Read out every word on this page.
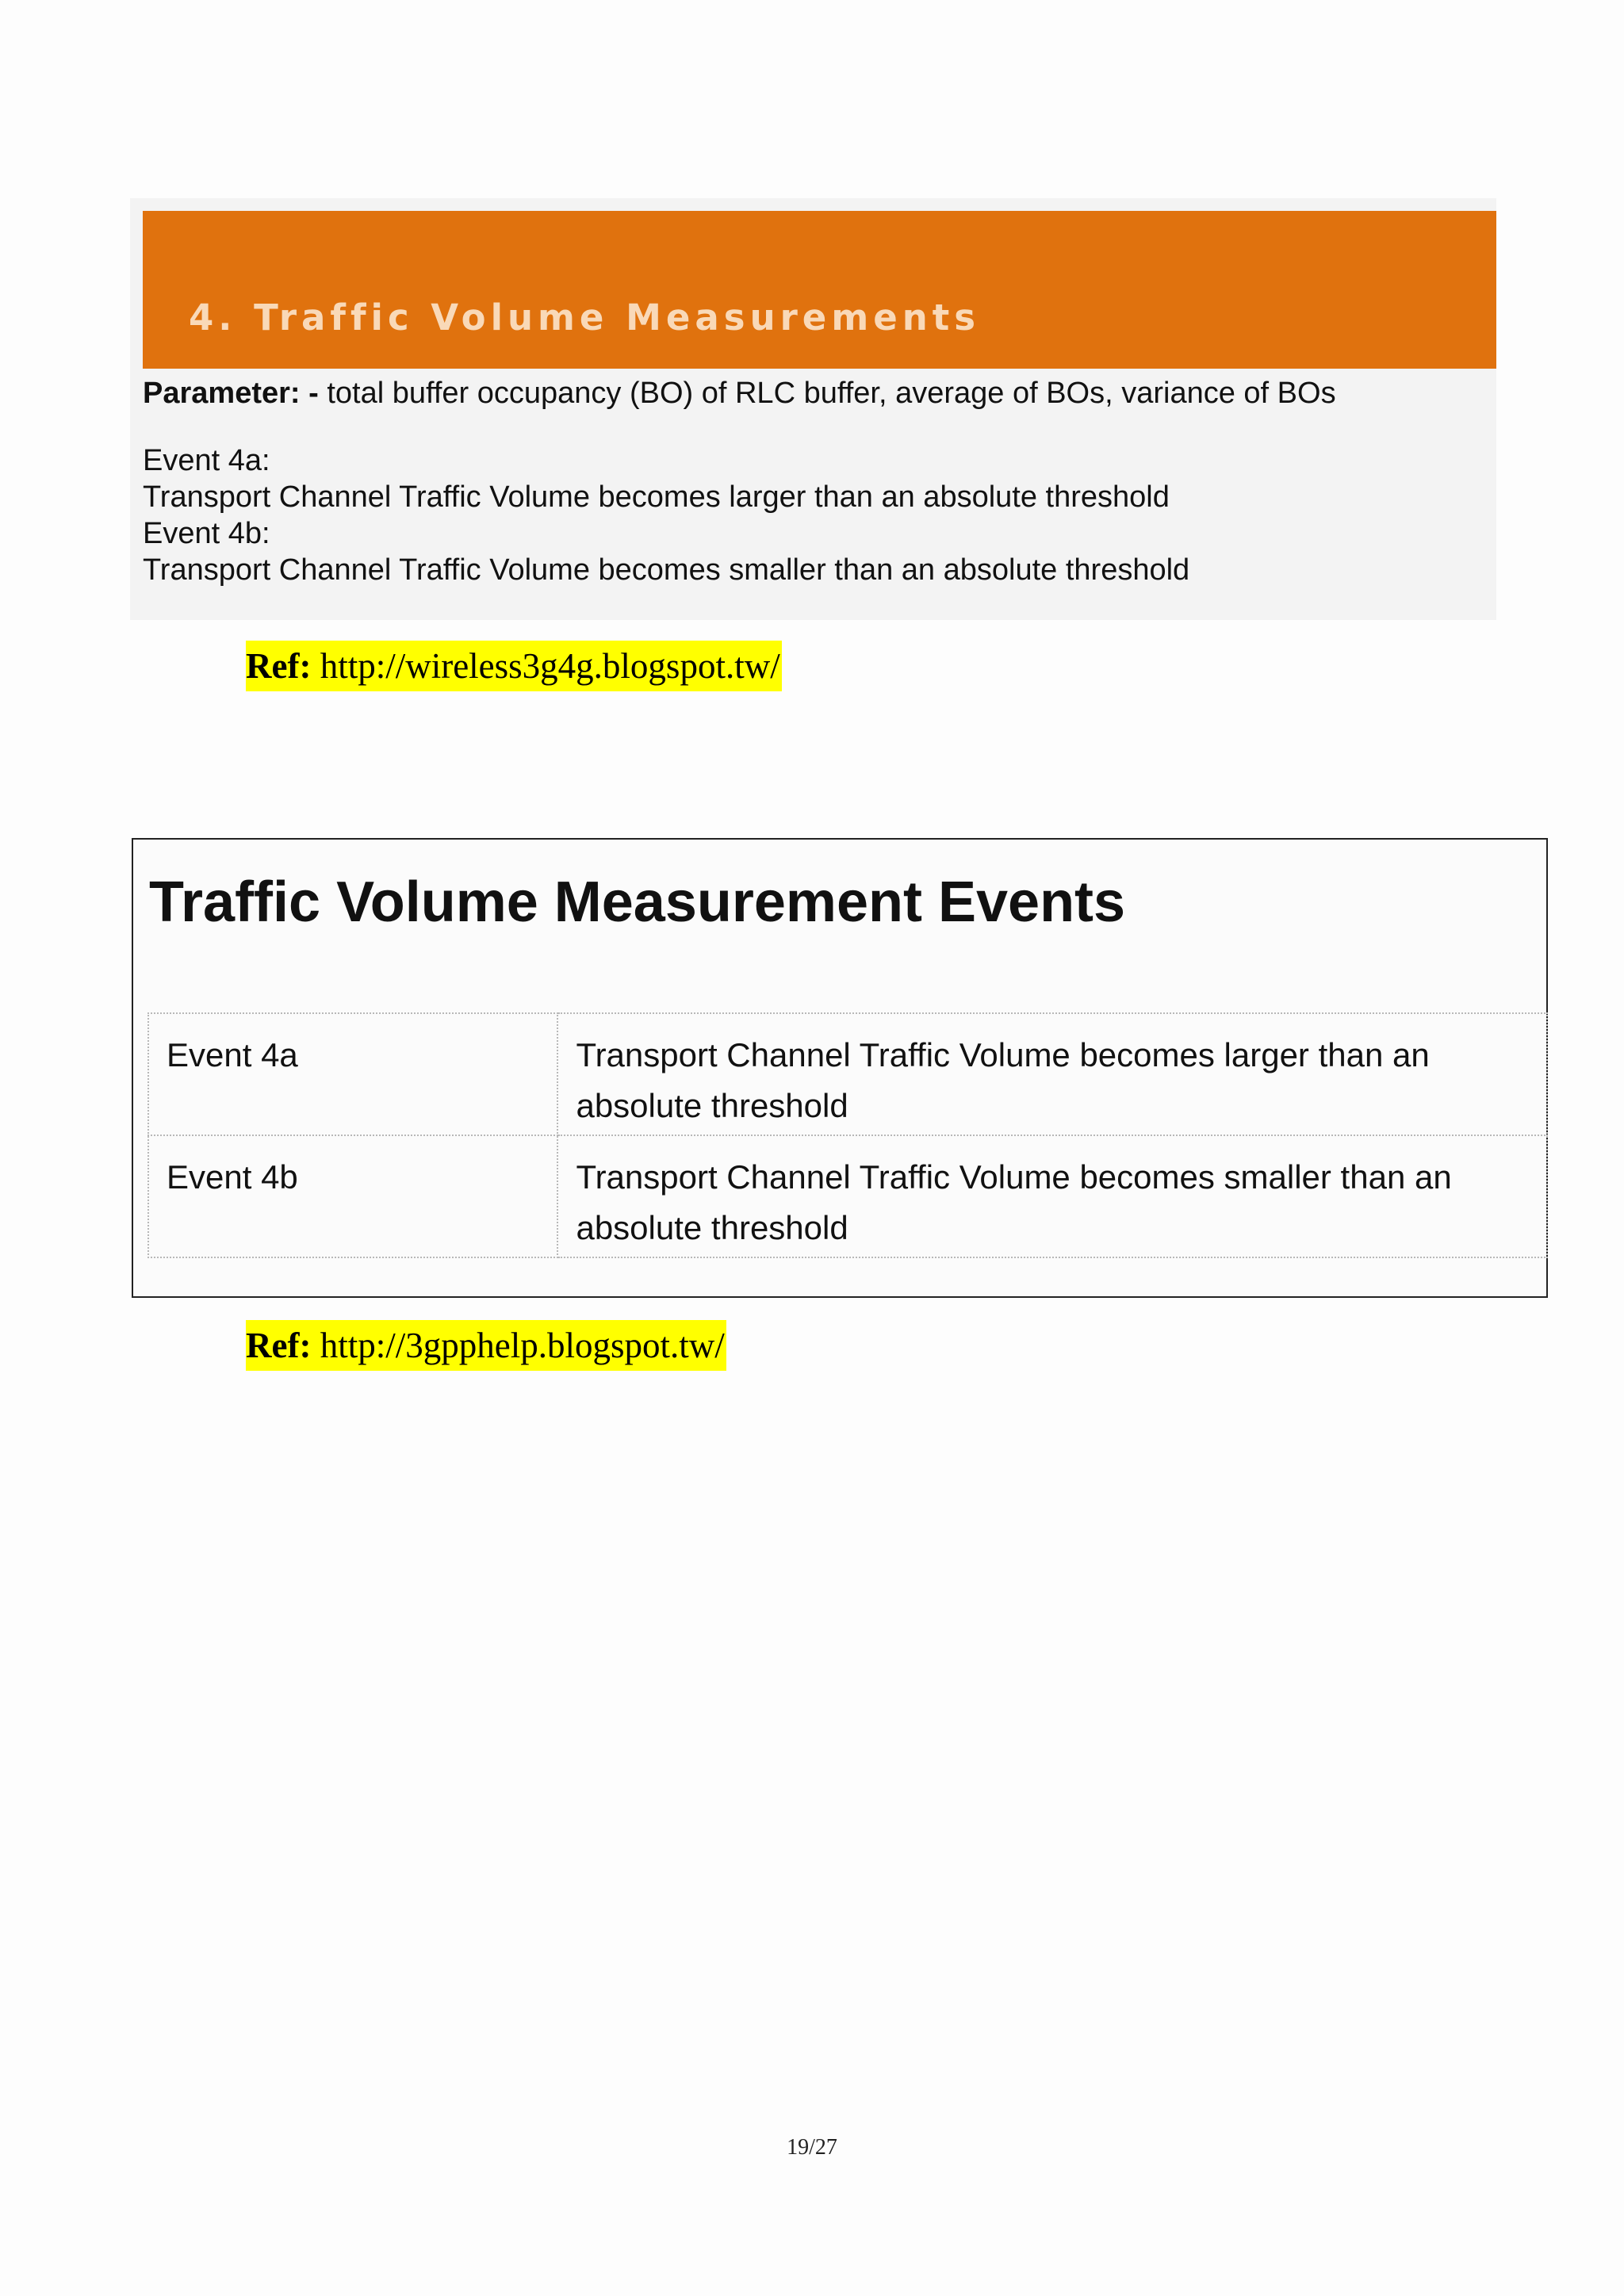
4. Traffic Volume Measurements
Parameter: - total buffer occupancy (BO) of RLC buffer, average of BOs, variance of BOs
Event 4a:
Transport Channel Traffic Volume becomes larger than an absolute threshold
Event 4b:
Transport Channel Traffic Volume becomes smaller than an absolute threshold
Ref: http://wireless3g4g.blogspot.tw/
Traffic Volume Measurement Events
Event 4a	Transport Channel Traffic Volume becomes larger than an absolute threshold
Event 4b	Transport Channel Traffic Volume becomes smaller than an absolute threshold
Ref: http://3gpphelp.blogspot.tw/
19/27
